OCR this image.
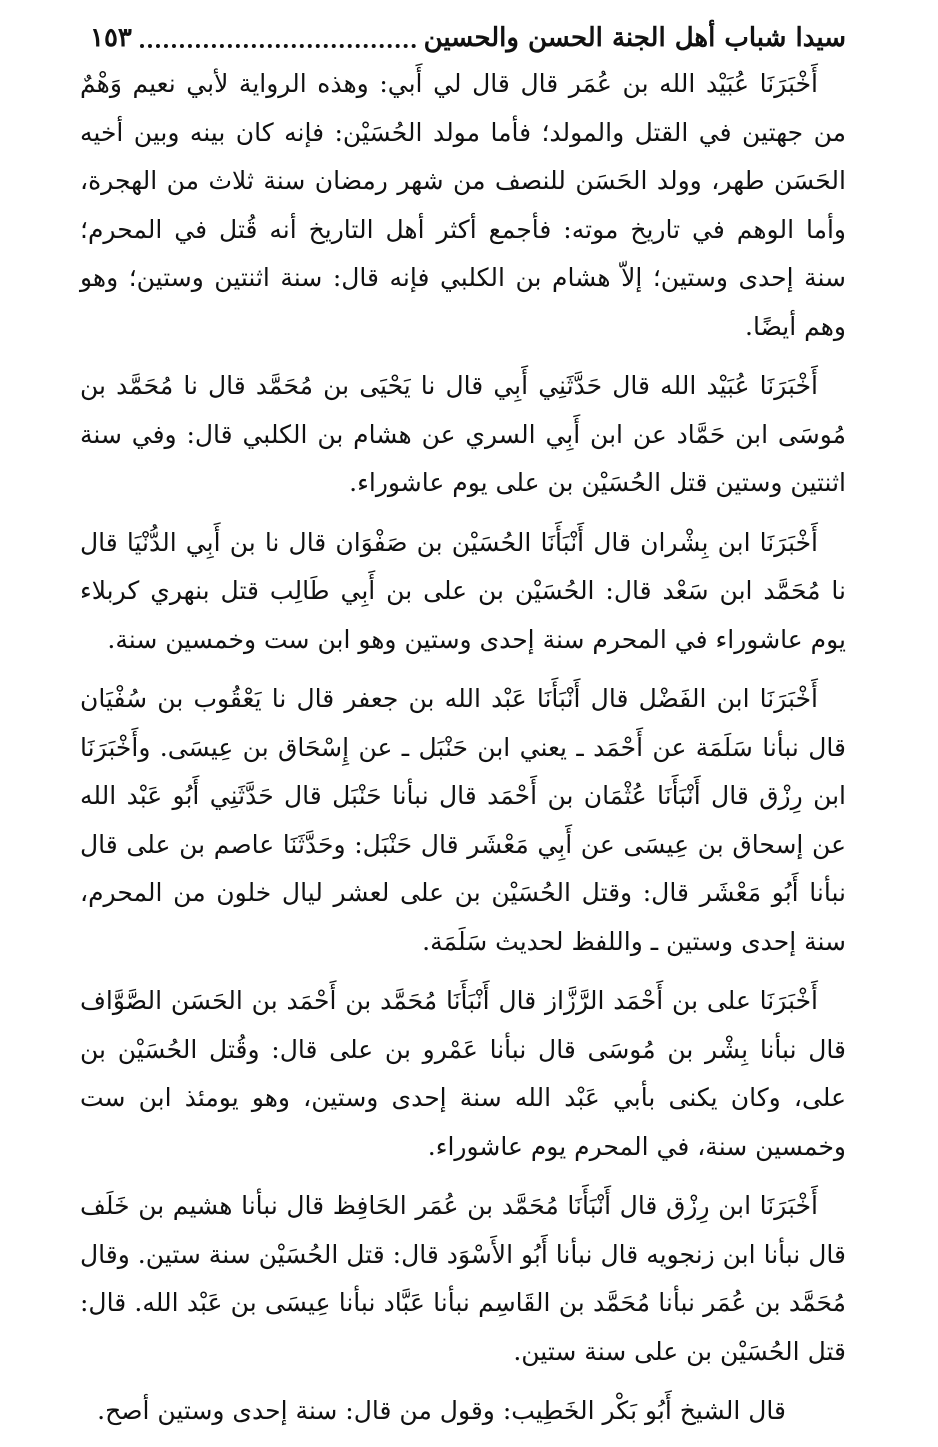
سيدا شباب أهل الجنة الحسن والحسين
١٥٣

أَخْبَرَنَا عُبَيْد الله بن عُمَر قال قال لي أَبي: وهذه الرواية لأبي نعيم وَهْمٌ من جهتين في القتل والمولد؛ فأما مولد الحُسَيْن: فإنه كان بينه وبين أخيه الحَسَن طهر، وولد الحَسَن للنصف من شهر رمضان سنة ثلاث من الهجرة، وأما الوهم في تاريخ موته: فأجمع أكثر أهل التاريخ أنه قُتل في المحرم؛ سنة إحدى وستين؛ إلاّ هشام بن الكلبي فإنه قال: سنة اثنتين وستين؛ وهو وهم أيضًا.

أَخْبَرَنَا عُبَيْد الله قال حَدَّثَنِي أَبِي قال نا يَحْيَى بن مُحَمَّد قال نا مُحَمَّد بن مُوسَى ابن حَمَّاد عن ابن أَبِي السري عن هشام بن الكلبي قال: وفي سنة اثنتين وستين قتل الحُسَيْن بن على يوم عاشوراء.

أَخْبَرَنَا ابن بِشْران قال أَنْبَأَنَا الحُسَيْن بن صَفْوَان قال نا بن أَبِي الدُّنْيَا قال نا مُحَمَّد ابن سَعْد قال: الحُسَيْن بن على بن أَبِي طَالِب قتل بنهري كربلاء يوم عاشوراء في المحرم سنة إحدى وستين وهو ابن ست وخمسين سنة.

أَخْبَرَنَا ابن الفَضْل قال أَنْبَأَنَا عَبْد الله بن جعفر قال نا يَعْقُوب بن سُفْيَان قال نبأنا سَلَمَة عن أَحْمَد ـ يعني ابن حَنْبَل ـ عن إِسْحَاق بن عِيسَى. وأَخْبَرَنَا ابن رِزْق قال أَنْبَأَنَا عُثْمَان بن أَحْمَد قال نبأنا حَنْبَل قال حَدَّثَنِي أَبُو عَبْد الله عن إسحاق بن عِيسَى عن أَبِي مَعْشَر قال حَنْبَل: وحَدَّثَنَا عاصم بن على قال نبأنا أَبُو مَعْشَر قال: وقتل الحُسَيْن بن على لعشر ليال خلون من المحرم، سنة إحدى وستين ـ واللفظ لحديث سَلَمَة.

أَخْبَرَنَا على بن أَحْمَد الرَّزَّاز قال أَنْبَأَنَا مُحَمَّد بن أَحْمَد بن الحَسَن الصَّوَّاف قال نبأنا بِشْر بن مُوسَى قال نبأنا عَمْرو بن على قال: وقُتل الحُسَيْن بن على، وكان يكنى بأبي عَبْد الله سنة إحدى وستين، وهو يومئذ ابن ست وخمسين سنة، في المحرم يوم عاشوراء.

أَخْبَرَنَا ابن رِزْق قال أَنْبَأَنَا مُحَمَّد بن عُمَر الحَافِظ قال نبأنا هشيم بن خَلَف قال نبأنا ابن زنجويه قال نبأنا أَبُو الأَسْوَد قال: قتل الحُسَيْن سنة ستين. وقال مُحَمَّد بن عُمَر نبأنا مُحَمَّد بن القَاسِم نبأنا عَبَّاد نبأنا عِيسَى بن عَبْد الله. قال: قتل الحُسَيْن بن على سنة ستين.

قال الشيخ أَبُو بَكْر الخَطِيب: وقول من قال: سنة إحدى وستين أصح.
